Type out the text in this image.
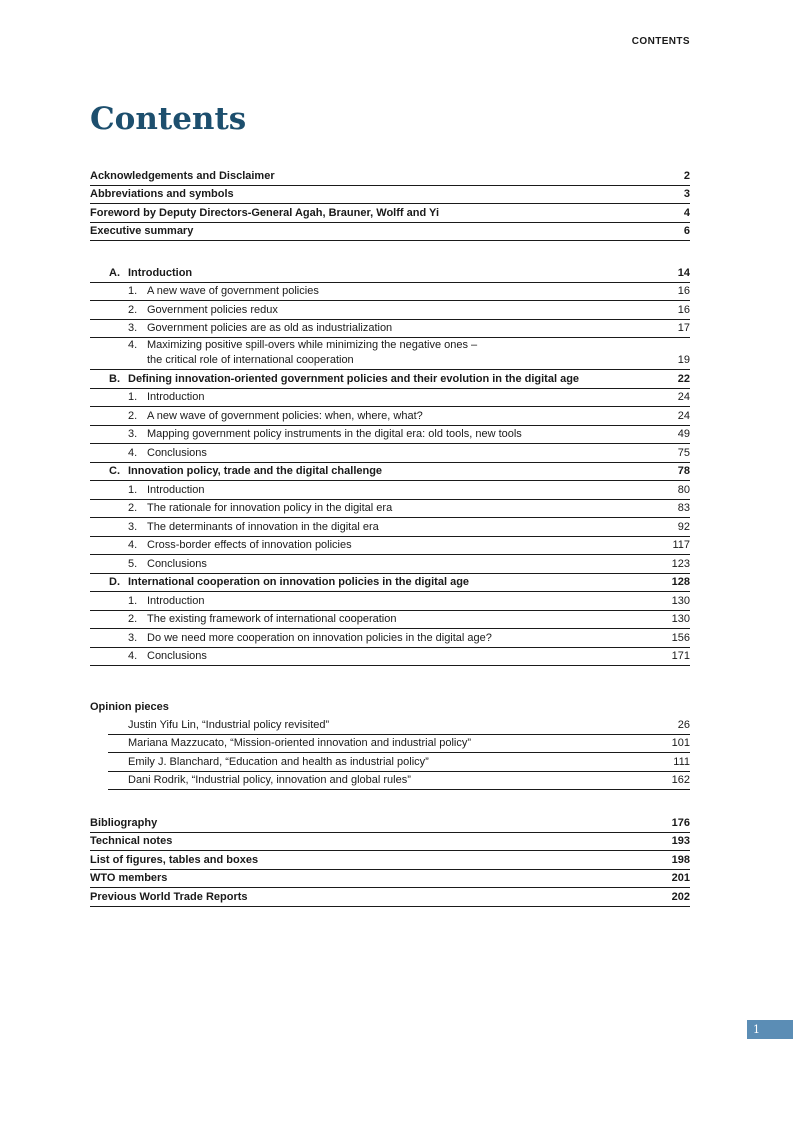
CONTENTS
Contents
Acknowledgements and Disclaimer	2
Abbreviations and symbols	3
Foreword by Deputy Directors-General Agah, Brauner, Wolff and Yi	4
Executive summary	6
A. Introduction	14
1. A new wave of government policies	16
2. Government policies redux	16
3. Government policies are as old as industrialization	17
4. Maximizing positive spill-overs while minimizing the negative ones –
the critical role of international cooperation	19
B. Defining innovation-oriented government policies and their evolution in the digital age	22
1. Introduction	24
2. A new wave of government policies: when, where, what?	24
3. Mapping government policy instruments in the digital era: old tools, new tools	49
4. Conclusions	75
C. Innovation policy, trade and the digital challenge	78
1. Introduction	80
2. The rationale for innovation policy in the digital era	83
3. The determinants of innovation in the digital era	92
4. Cross-border effects of innovation policies	117
5. Conclusions	123
D. International cooperation on innovation policies in the digital age	128
1. Introduction	130
2. The existing framework of international cooperation	130
3. Do we need more cooperation on innovation policies in the digital age?	156
4. Conclusions	171
Opinion pieces
Justin Yifu Lin, “Industrial policy revisited”	26
Mariana Mazzucato, “Mission-oriented innovation and industrial policy”	101
Emily J. Blanchard, “Education and health as industrial policy”	111
Dani Rodrik, “Industrial policy, innovation and global rules”	162
Bibliography	176
Technical notes	193
List of figures, tables and boxes	198
WTO members	201
Previous World Trade Reports	202
1
